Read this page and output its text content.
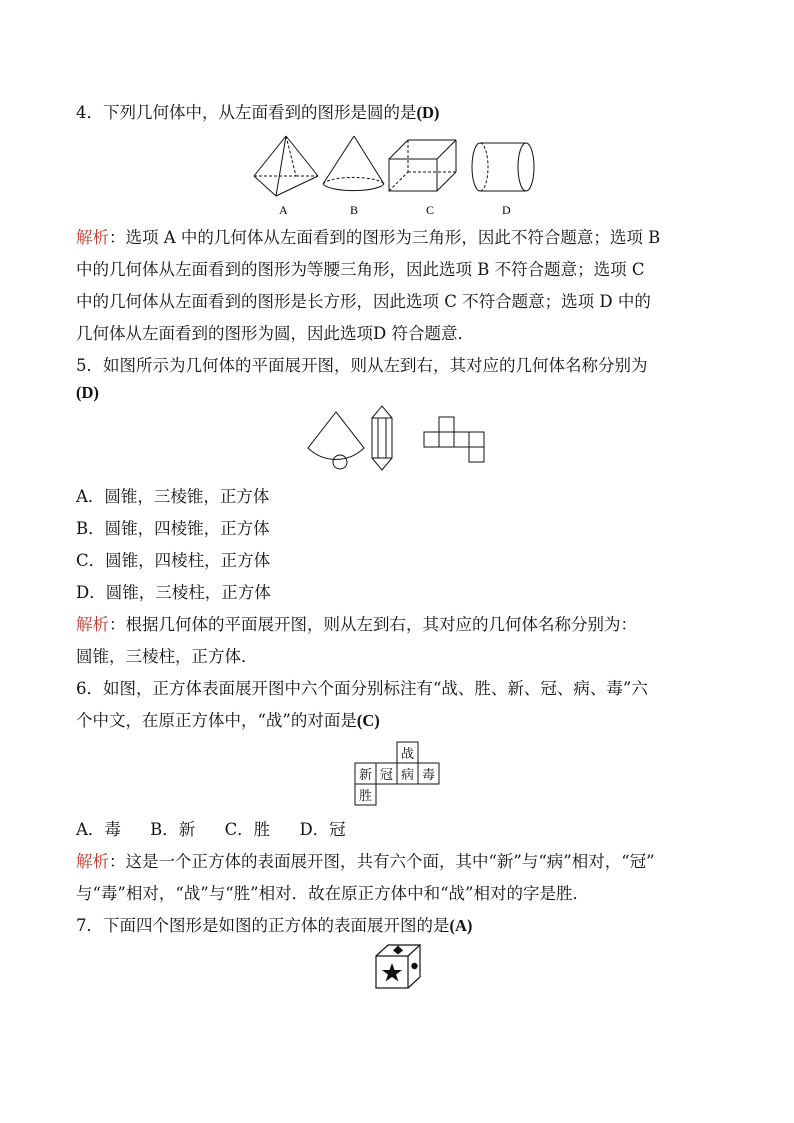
4．下列几何体中，从左面看到的图形是圆的是(D)
A	B	C	D
解析：选项 A 中的几何体从左面看到的图形为三角形，因此不符合题意；选项 B
中的几何体从左面看到的图形为等腰三角形，因此选项 B 不符合题意；选项 C
中的几何体从左面看到的图形是长方形，因此选项 C 不符合题意；选项 D 中的
几何体从左面看到的图形为圆，因此选项D 符合题意．
5．如图所示为几何体的平面展开图，则从左到右，其对应的几何体名称分别为
(D)
A．圆锥，三棱锥，正方体
B．圆锥，四棱锥，正方体
C．圆锥，四棱柱，正方体
D．圆锥，三棱柱，正方体
解析：根据几何体的平面展开图，则从左到右，其对应的几何体名称分别为：
圆锥，三棱柱，正方体．
6．如图，正方体表面展开图中六个面分别标注有“战、胜、新、冠、病、毒”六
个中文，在原正方体中，“战”的对面是(C)
战
新 冠 病 毒
胜
A．毒 B．新 C．胜 D．冠
解析：这是一个正方体的表面展开图，共有六个面，其中“新”与“病”相对，“冠”
与“毒”相对，“战”与“胜”相对．故在原正方体中和“战”相对的字是胜．
7．下面四个图形是如图的正方体的表面展开图的是(A)
